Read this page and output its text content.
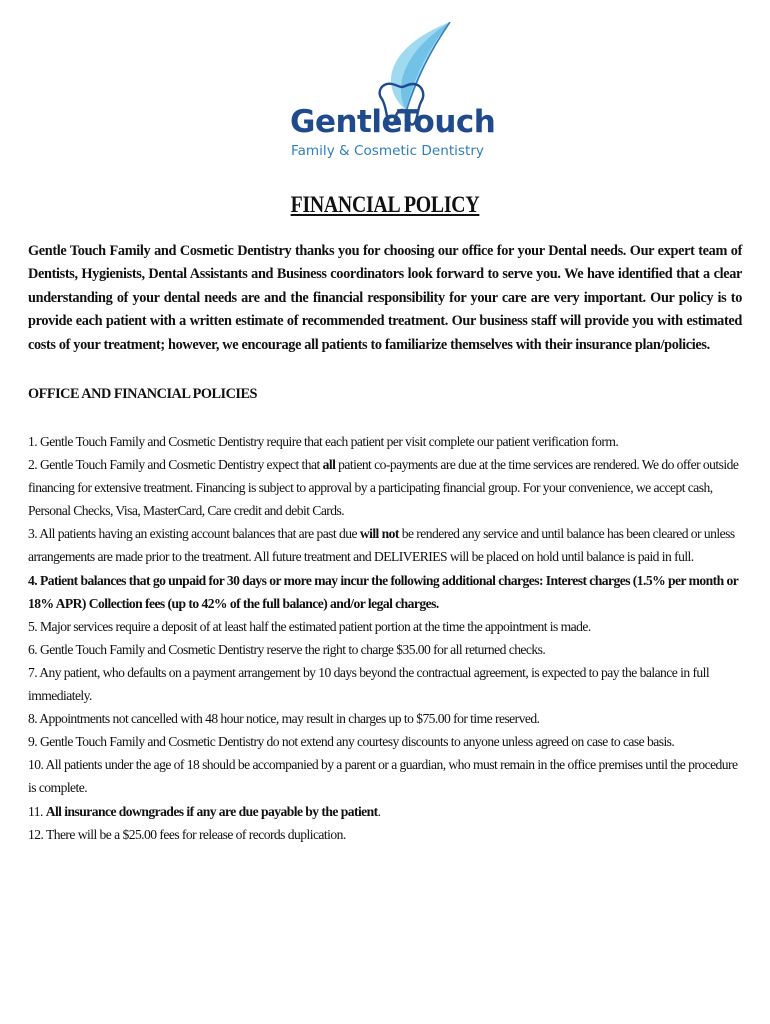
Gentle
Touch
Family & Cosmetic Dentistry
FINANCIAL POLICY

Gentle Touch Family and Cosmetic Dentistry thanks you for choosing our office for your Dental needs. Our expert team of Dentists, Hygienists, Dental Assistants and Business coordinators look forward to serve you. We have identified that a clear understanding of your dental needs are and the financial responsibility for your care are very important. Our policy is to provide each patient with a written estimate of recommended treatment. Our business staff will provide you with estimated costs of your treatment; however, we encourage all patients to familiarize themselves with their insurance plan/policies.

OFFICE AND FINANCIAL POLICIES

1. Gentle Touch Family and Cosmetic Dentistry require that each patient per visit complete our patient verification form.
2. Gentle Touch Family and Cosmetic Dentistry expect that all patient co-payments are due at the time services are rendered. We do offer outside financing for extensive treatment. Financing is subject to approval by a participating financial group. For your convenience, we accept cash, Personal Checks, Visa, MasterCard, Care credit and debit Cards.
3. All patients having an existing account balances that are past due will not be rendered any service and until balance has been cleared or unless arrangements are made prior to the treatment. All future treatment and DELIVERIES will be placed on hold until balance is paid in full.
4. Patient balances that go unpaid for 30 days or more may incur the following additional charges: Interest charges (1.5% per month or 18% APR) Collection fees (up to 42% of the full balance) and/or legal charges.
5. Major services require a deposit of at least half the estimated patient portion at the time the appointment is made.
6. Gentle Touch Family and Cosmetic Dentistry reserve the right to charge $35.00 for all returned checks.
7. Any patient, who defaults on a payment arrangement by 10 days beyond the contractual agreement, is expected to pay the balance in full immediately.
8. Appointments not cancelled with 48 hour notice, may result in charges up to $75.00 for time reserved.
9. Gentle Touch Family and Cosmetic Dentistry do not extend any courtesy discounts to anyone unless agreed on case to case basis.
10. All patients under the age of 18 should be accompanied by a parent or a guardian, who must remain in the office premises until the procedure is complete.
11. All insurance downgrades if any are due payable by the patient.
12. There will be a $25.00 fees for release of records duplication.
